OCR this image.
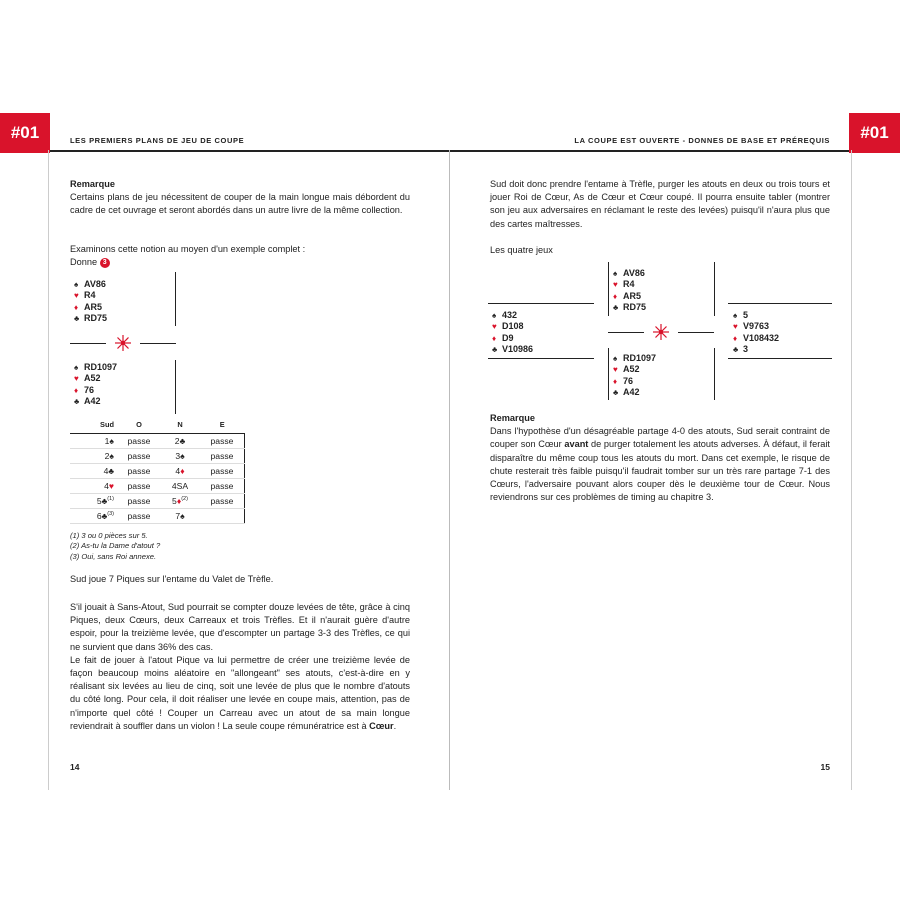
#01	#01
LES PREMIERS PLANS DE JEU DE COUPE	LA COUPE EST OUVERTE - DONNES DE BASE ET PRÉREQUIS

Remarque

Certains plans de jeu nécessitent de couper de la main longue mais débordent du cadre de cet ouvrage et seront abordés dans un autre livre de la même collection.

Examinons cette notion au moyen d'un exemple complet :

Donne 3

♠ AV86
♥ R4
♦ AR5
♣ RD75
♠ RD1097
♥ A52
♦ 76
♣ A42
Sud	O	N	E
1♠	passe	2♣	passe
2♠	passe	3♠	passe
4♣	passe	4♦	passe
4♥	passe	4SA	passe
5♣$^{(1)}$	passe	5♦$^{(2)}$	passe
6♣$^{(3)}$	passe	7♠	
(1) 3 ou 0 pièces sur 5.
(2) As-tu la Dame d'atout ?
(3) Oui, sans Roi annexe.
Sud joue 7 Piques sur l'entame du Valet de Trèfle.

S'il jouait à Sans-Atout, Sud pourrait se compter douze levées de tête, grâce à cinq Piques, deux Cœurs, deux Carreaux et trois Trèfles. Et il n'aurait guère d'autre espoir, pour la treizième levée, que d'escompter un partage 3-3 des Trèfles, ce qui ne survient que dans 36% des cas.

Le fait de jouer à l'atout Pique va lui permettre de créer une treizième levée de façon beaucoup moins aléatoire en "allongeant" ses atouts, c'est-à-dire en y réalisant six levées au lieu de cinq, soit une levée de plus que le nombre d'atouts du côté long. Pour cela, il doit réaliser une levée en coupe mais, attention, pas de n'importe quel côté ! Couper un Carreau avec un atout de sa main longue reviendrait à souffler dans un violon ! La seule coupe rémunératrice est à Cœur.

14
Sud doit donc prendre l'entame à Trèfle, purger les atouts en deux ou trois tours et jouer Roi de Cœur, As de Cœur et Cœur coupé. Il pourra ensuite tabler (montrer son jeu aux adversaires en réclamant le reste des levées) puisqu'il n'aura plus que des cartes maîtresses.
Les quatre jeux
♠ AV86
♥ R4
♦ AR5
♣ RD75
♠ 432
♥ D108
♦ D9
♣ V10986
♠ 5
♥ V9763
♦ V108432
♣ 3
♠ RD1097
♥ A52
♦ 76
♣ A42

Remarque

Dans l'hypothèse d'un désagréable partage 4-0 des atouts, Sud serait contraint de couper son Cœur avant de purger totalement les atouts adverses. À défaut, il ferait disparaître du même coup tous les atouts du mort. Dans cet exemple, le risque de chute resterait très faible puisqu'il faudrait tomber sur un très rare partage 7-1 des Cœurs, l'adversaire pouvant alors couper dès le deuxième tour de Cœur. Nous reviendrons sur ces problèmes de timing au chapitre 3.

15
